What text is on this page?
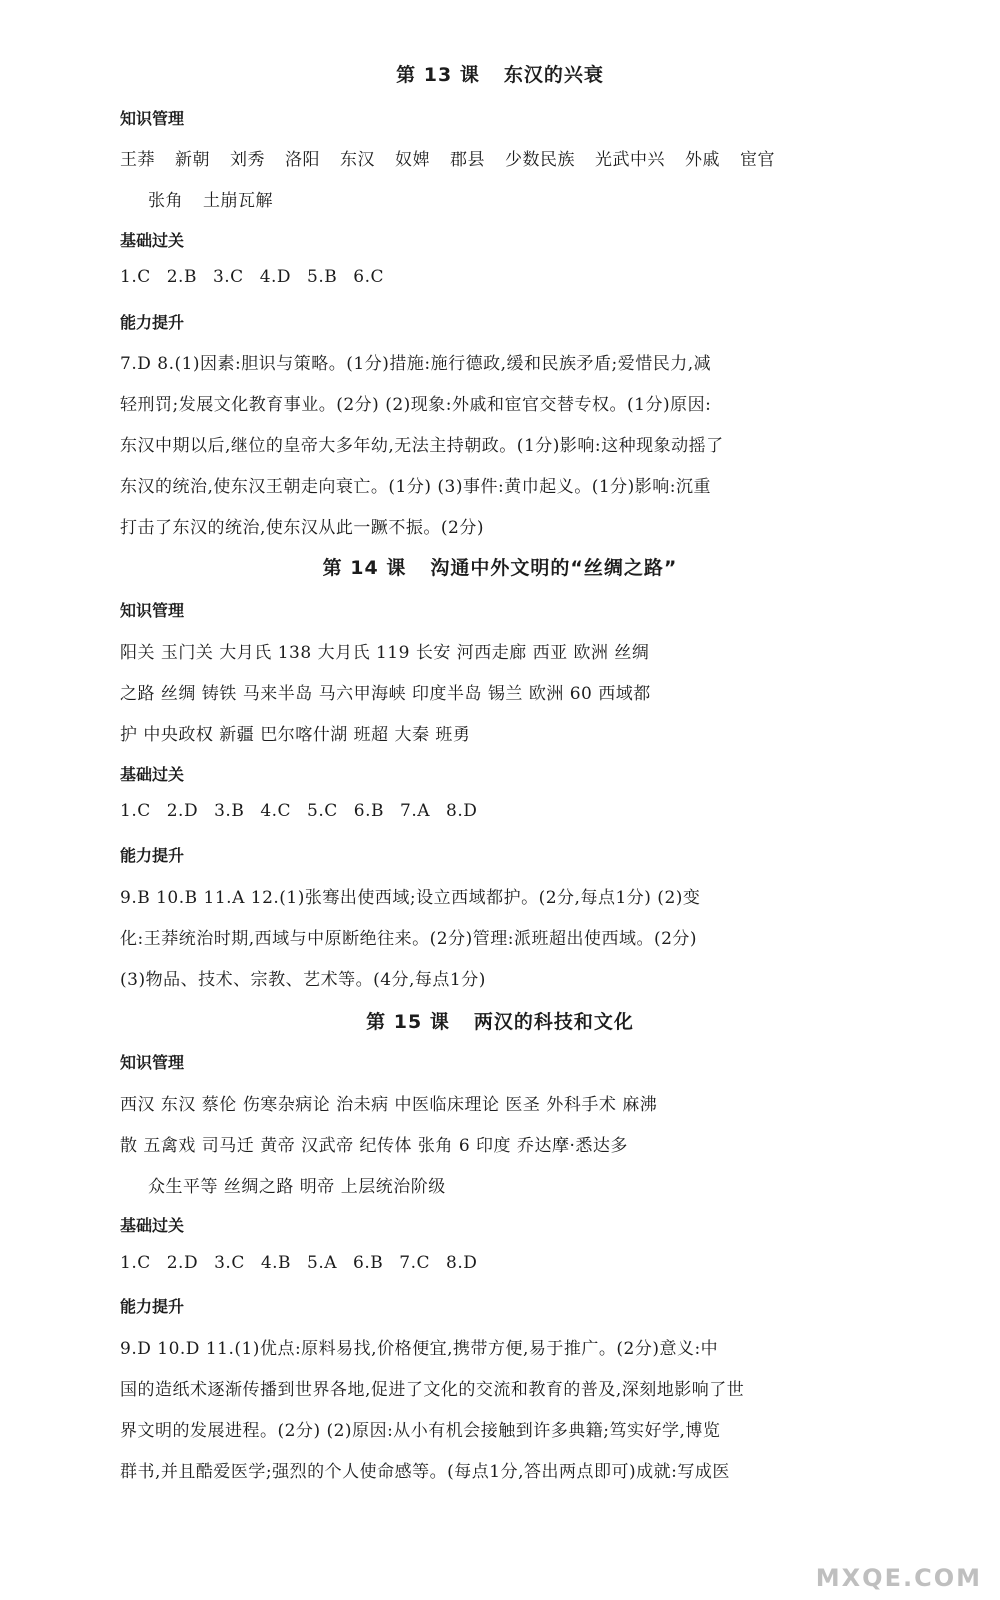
第 13 课 东汉的兴衰
知识管理
王莽 新朝 刘秀 洛阳 东汉 奴婢 郡县 少数民族 光武中兴 外戚 宦官
张角 土崩瓦解
基础过关
1.C 2.B 3.C 4.D 5.B 6.C
能力提升
7.D 8.(1)因素:胆识与策略。(1分)措施:施行德政,缓和民族矛盾;爱惜民力,减
轻刑罚;发展文化教育事业。(2分) (2)现象:外戚和宦官交替专权。(1分)原因:
东汉中期以后,继位的皇帝大多年幼,无法主持朝政。(1分)影响:这种现象动摇了
东汉的统治,使东汉王朝走向衰亡。(1分) (3)事件:黄巾起义。(1分)影响:沉重
打击了东汉的统治,使东汉从此一蹶不振。(2分)
第 14 课 沟通中外文明的“丝绸之路”
知识管理
阳关 玉门关 大月氏 138 大月氏 119 长安 河西走廊 西亚 欧洲 丝绸
之路 丝绸 铸铁 马来半岛 马六甲海峡 印度半岛 锡兰 欧洲 60 西域都
护 中央政权 新疆 巴尔喀什湖 班超 大秦 班勇
基础过关
1.C 2.D 3.B 4.C 5.C 6.B 7.A 8.D
能力提升
9.B 10.B 11.A 12.(1)张骞出使西域;设立西域都护。(2分,每点1分) (2)变
化:王莽统治时期,西域与中原断绝往来。(2分)管理:派班超出使西域。(2分)
(3)物品、技术、宗教、艺术等。(4分,每点1分)
第 15 课 两汉的科技和文化
知识管理
西汉 东汉 蔡伦 伤寒杂病论 治未病 中医临床理论 医圣 外科手术 麻沸
散 五禽戏 司马迁 黄帝 汉武帝 纪传体 张角 6 印度 乔达摩·悉达多
众生平等 丝绸之路 明帝 上层统治阶级
基础过关
1.C 2.D 3.C 4.B 5.A 6.B 7.C 8.D
能力提升
9.D 10.D 11.(1)优点:原料易找,价格便宜,携带方便,易于推广。(2分)意义:中
国的造纸术逐渐传播到世界各地,促进了文化的交流和教育的普及,深刻地影响了世
界文明的发展进程。(2分) (2)原因:从小有机会接触到许多典籍;笃实好学,博览
群书,并且酷爱医学;强烈的个人使命感等。(每点1分,答出两点即可)成就:写成医
MXQE.COM
